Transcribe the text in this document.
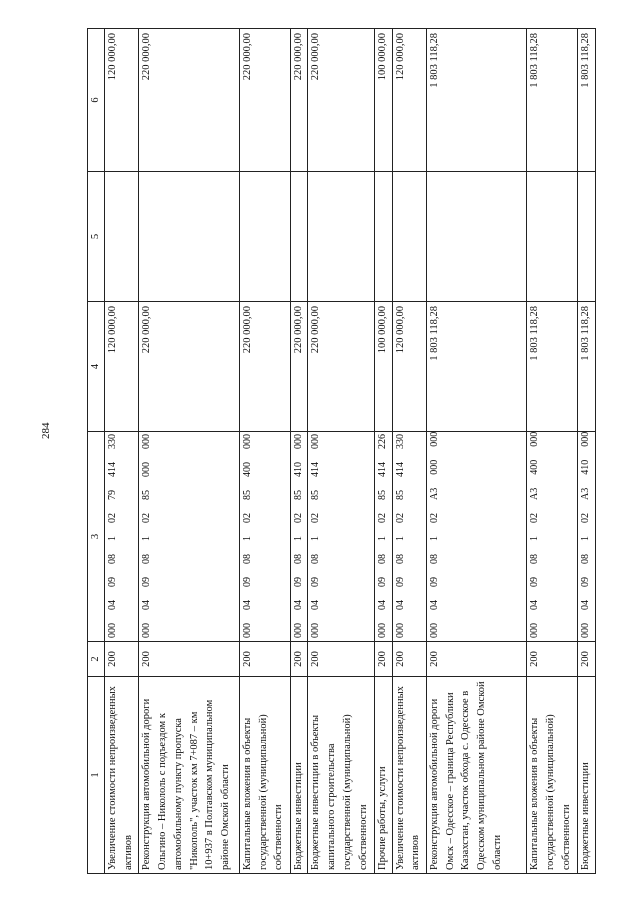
284
1	2	3	4	5	6
Увеличение стоимости непроизведенных активов	200	000  04  09  08  1  02  79  414  330	120 000,00		120 000,00
Реконструкция автомобильной дороги Ольгино – Никололь с подъездом к автомобильному пункту пропуска "Никополь", участок км 7+087 – км 10+937 в Полтавском муниципальном районе Омской области	200	000  04  09  08  1  02  85  000  000	220 000,00		220 000,00
Капитальные вложения в объекты государственной (муниципальной) собственности	200	000  04  09  08  1  02  85  400  000	220 000,00		220 000,00
Бюджетные инвестиции	200	000  04  09  08  1  02  85  410  000	220 000,00		220 000,00
Бюджетные инвестиции в объекты капитального строительства государственной (муниципальной) собственности	200	000  04  09  08  1  02  85  414  000	220 000,00		220 000,00
Прочие работы, услуги	200	000  04  09  08  1  02  85  414  226	100 000,00		100 000,00
Увеличение стоимости непроизведенных активов	200	000  04  09  08  1  02  85  414  330	120 000,00		120 000,00
Реконструкция автомобильной дороги Омск – Одесское – граница Республики Казахстан, участок обхода с. Одесское в Одесском муниципальном районе Омской области	200	000  04  09  08  1  02  А3  000  000	1 803 118,28		1 803 118,28
Капитальные вложения в объекты государственной (муниципальной) собственности	200	000  04  09  08  1  02  А3  400  000	1 803 118,28		1 803 118,28
Бюджетные инвестиции	200	000  04  09  08  1  02  А3  410  000	1 803 118,28		1 803 118,28
